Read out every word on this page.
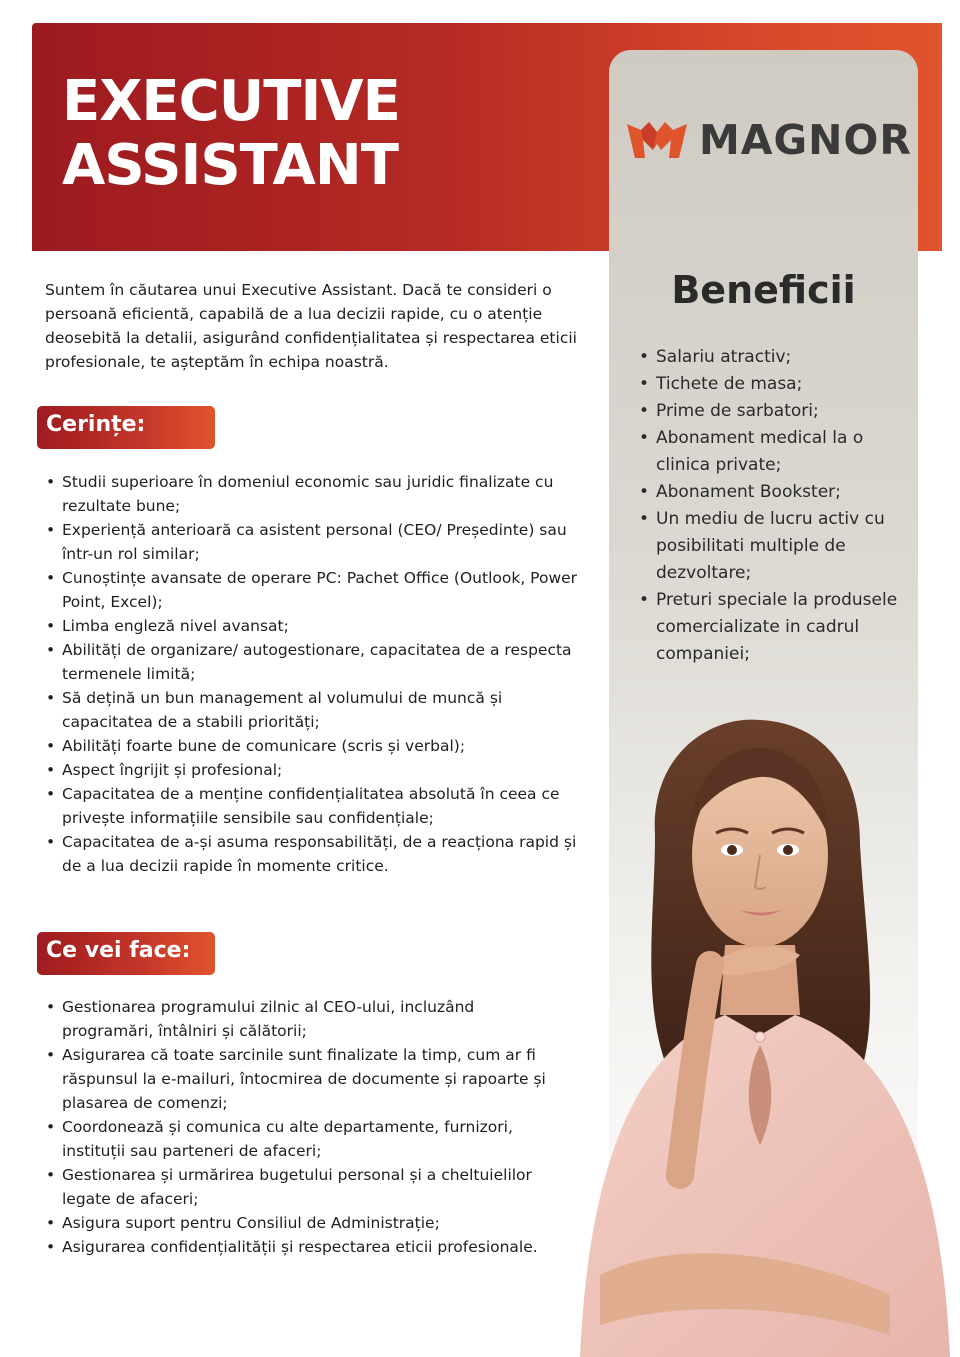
EXECUTIVE
ASSISTANT	MAGNOR
Beneficii
• Salariu atractiv;
• Tichete de masa;
• Prime de sarbatori;
• Abonament medical la o clinica private;
• Abonament Bookster;
• Un mediu de lucru activ cu posibilitati multiple de dezvoltare;
• Preturi speciale la produsele comercializate in cadrul companiei;

Suntem în căutarea unui Executive Assistant. Dacă te consideri o persoană eficientă, capabilă de a lua decizii rapide, cu o atenție deosebită la detalii, asigurând confidențialitatea și respectarea eticii profesionale, te așteptăm în echipa noastră.

Cerințe:
• Studii superioare în domeniul economic sau juridic finalizate cu rezultate bune;
• Experiență anterioară ca asistent personal (CEO/ Președinte) sau într-un rol similar;
• Cunoștințe avansate de operare PC: Pachet Office (Outlook, Power Point, Excel);
• Limba engleză nivel avansat;
• Abilități de organizare/ autogestionare, capacitatea de a respecta termenele limită;
• Să dețină un bun management al volumului de muncă și capacitatea de a stabili priorități;
• Abilități foarte bune de comunicare (scris și verbal);
• Aspect îngrijit și profesional;
• Capacitatea de a menține confidențialitatea absolută în ceea ce privește informațiile sensibile sau confidențiale;
• Capacitatea de a-și asuma responsabilități, de a reacționa rapid și de a lua decizii rapide în momente critice.
Ce vei face:
• Gestionarea programului zilnic al CEO-ului, incluzând programări, întâlniri și călătorii;
• Asigurarea că toate sarcinile sunt finalizate la timp, cum ar fi răspunsul la e-mailuri, întocmirea de documente și rapoarte și plasarea de comenzi;
• Coordonează și comunica cu alte departamente, furnizori, instituții sau parteneri de afaceri;
• Gestionarea și urmărirea bugetului personal și a cheltuielilor legate de afaceri;
• Asigura suport pentru Consiliul de Administrație;
• Asigurarea confidențialității și respectarea eticii profesionale.
